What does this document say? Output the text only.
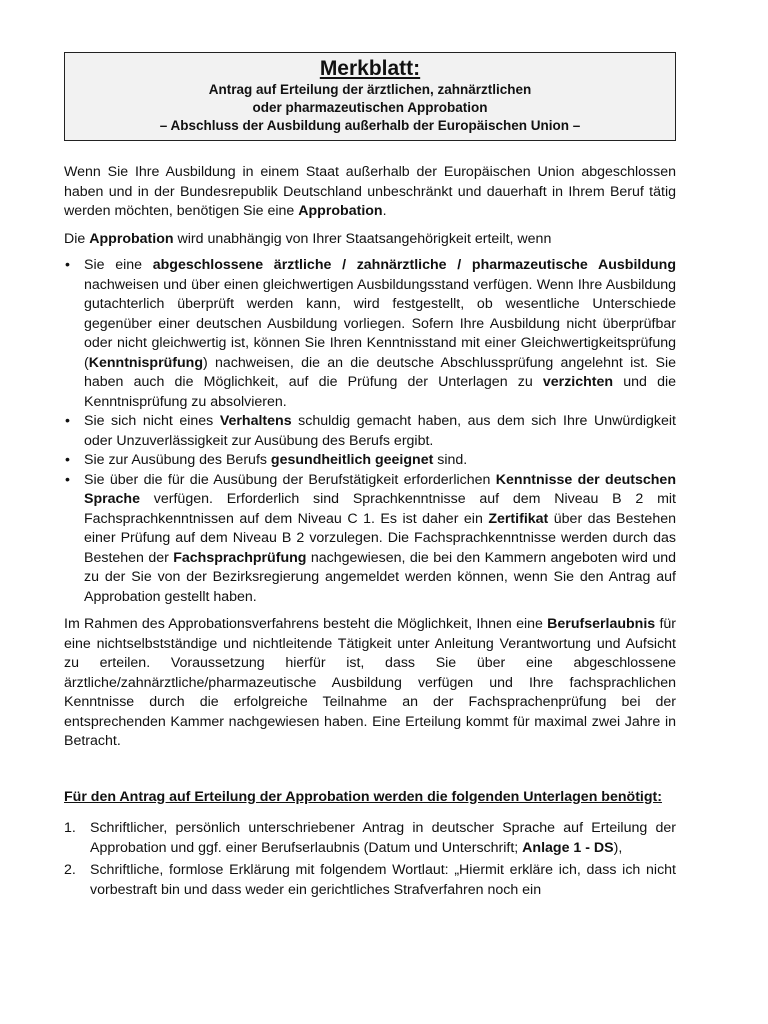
Merkblatt:
Antrag auf Erteilung der ärztlichen, zahnärztlichen
oder pharmazeutischen Approbation
– Abschluss der Ausbildung außerhalb der Europäischen Union –

Wenn Sie Ihre Ausbildung in einem Staat außerhalb der Europäischen Union abgeschlossen haben und in der Bundesrepublik Deutschland unbeschränkt und dauerhaft in Ihrem Beruf tätig werden möchten, benötigen Sie eine Approbation.

Die Approbation wird unabhängig von Ihrer Staatsangehörigkeit erteilt, wenn

• Sie eine abgeschlossene ärztliche / zahnärztliche / pharmazeutische Ausbildung nachweisen und über einen gleichwertigen Ausbildungsstand verfügen. Wenn Ihre Ausbildung gutachterlich überprüft werden kann, wird festgestellt, ob wesentliche Unterschiede gegenüber einer deutschen Ausbildung vorliegen. Sofern Ihre Ausbildung nicht überprüfbar oder nicht gleichwertig ist, können Sie Ihren Kenntnisstand mit einer Gleichwertigkeitsprüfung (Kenntnisprüfung) nachweisen, die an die deutsche Abschlussprüfung angelehnt ist. Sie haben auch die Möglichkeit, auf die Prüfung der Unterlagen zu verzichten und die Kenntnisprüfung zu absolvieren.
• Sie sich nicht eines Verhaltens schuldig gemacht haben, aus dem sich Ihre Unwürdigkeit oder Unzuverlässigkeit zur Ausübung des Berufs ergibt.
• Sie zur Ausübung des Berufs gesundheitlich geeignet sind.
• Sie über die für die Ausübung der Berufstätigkeit erforderlichen Kenntnisse der deutschen Sprache verfügen. Erforderlich sind Sprachkenntnisse auf dem Niveau B 2 mit Fachsprachkenntnissen auf dem Niveau C 1. Es ist daher ein Zertifikat über das Bestehen einer Prüfung auf dem Niveau B 2 vorzulegen. Die Fachsprachkenntnisse werden durch das Bestehen der Fachsprachprüfung nachgewiesen, die bei den Kammern angeboten wird und zu der Sie von der Bezirksregierung angemeldet werden können, wenn Sie den Antrag auf Approbation gestellt haben.

Im Rahmen des Approbationsverfahrens besteht die Möglichkeit, Ihnen eine Berufserlaubnis für eine nichtselbstständige und nichtleitende Tätigkeit unter Anleitung Verantwortung und Aufsicht zu erteilen. Voraussetzung hierfür ist, dass Sie über eine abgeschlossene ärztliche/zahnärztliche/pharmazeutische Ausbildung verfügen und Ihre fachsprachlichen Kenntnisse durch die erfolgreiche Teilnahme an der Fachsprachenprüfung bei der entsprechenden Kammer nachgewiesen haben. Eine Erteilung kommt für maximal zwei Jahre in Betracht.

Für den Antrag auf Erteilung der Approbation werden die folgenden Unterlagen benötigt:

1. Schriftlicher, persönlich unterschriebener Antrag in deutscher Sprache auf Erteilung der Approbation und ggf. einer Berufserlaubnis (Datum und Unterschrift; Anlage 1 - DS),
2. Schriftliche, formlose Erklärung mit folgendem Wortlaut: „Hiermit erkläre ich, dass ich nicht vorbestraft bin und dass weder ein gerichtliches Strafverfahren noch ein
